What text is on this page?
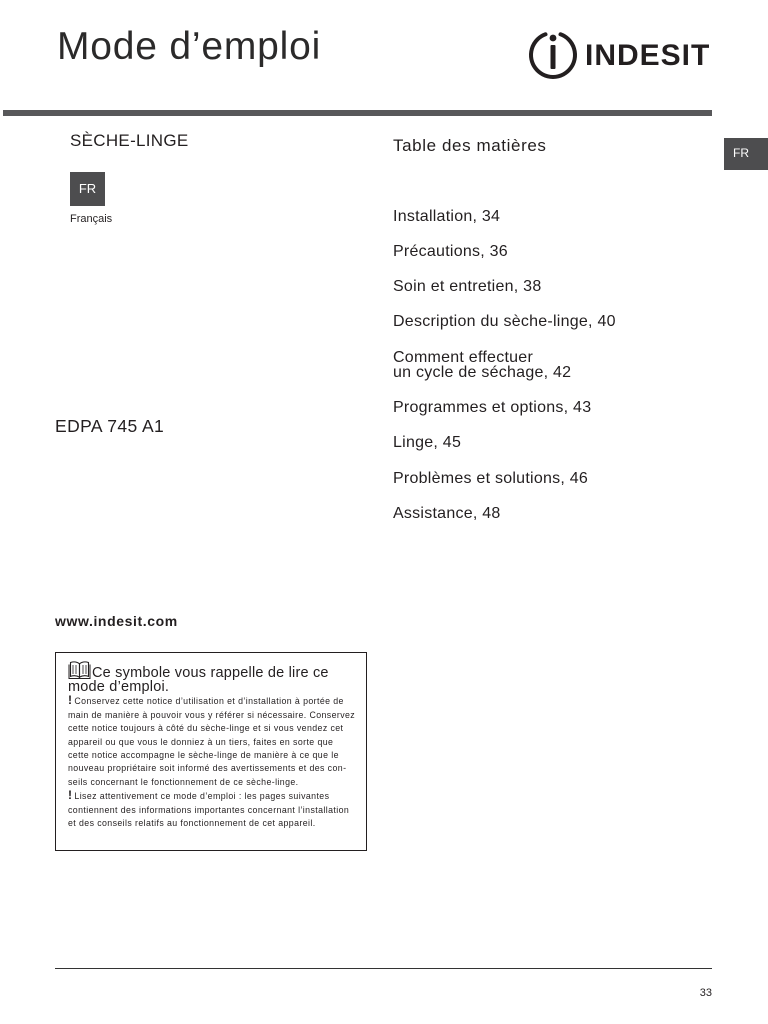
Mode d’emploi	INDESIT
FR
SÈCHE-LINGE
FR
Français
EDPA 745 A1
www.indesit.com
Table des matières
Installation, 34
Précautions, 36
Soin et entretien, 38
Description du sèche-linge, 40
Comment effectuer
un cycle de séchage, 42
Programmes et options, 43
Linge, 45
Problèmes et solutions, 46
Assistance, 48
Ce symbole vous rappelle de lire ce
mode d’emploi.
! Conservez cette notice d’utilisation et d’installation à portée de
main de manière à pouvoir vous y référer si nécessaire. Conservez
cette notice toujours à côté du sèche-linge et si vous vendez cet
appareil ou que vous le donniez à un tiers, faites en sorte que
cette notice accompagne le sèche-linge de manière à ce que le
nouveau propriétaire soit informé des avertissements et des con-
seils concernant le fonctionnement de ce sèche-linge.
! Lisez attentivement ce mode d’emploi : les pages suivantes
contiennent des informations importantes concernant l’installation
et des conseils relatifs au fonctionnement de cet appareil.
33
